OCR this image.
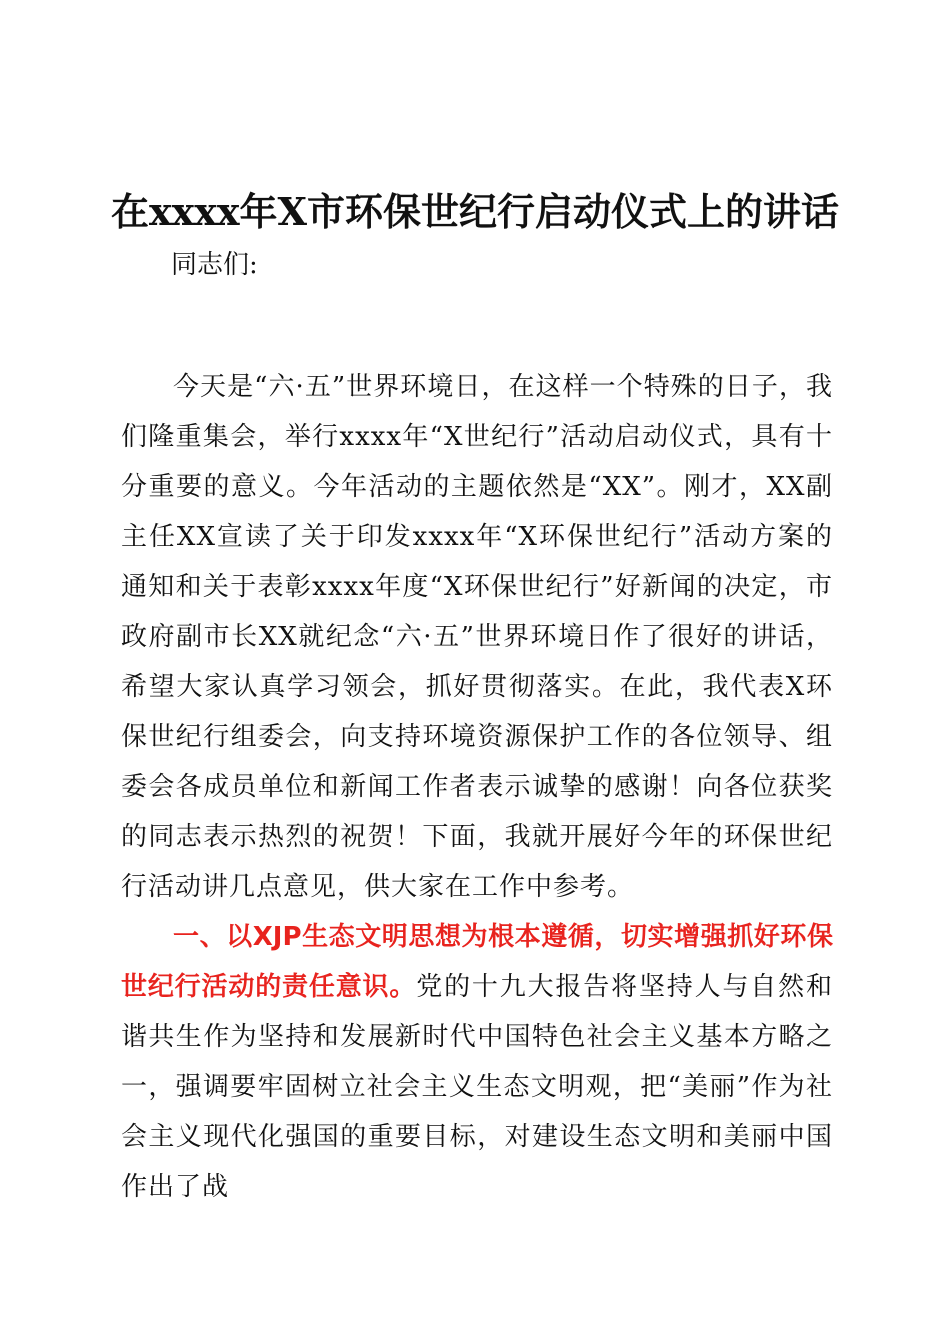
在xxxx年X市环保世纪行启动仪式上的讲话
同志们:
今天是“六·五”世界环境日，在这样一个特殊的日子，我们隆重集会，举行xxxx年“X世纪行”活动启动仪式，具有十分重要的意义。今年活动的主题依然是“XX”。刚才，XX副主任XX宣读了关于印发xxxx年“X环保世纪行”活动方案的通知和关于表彰xxxx年度“X环保世纪行”好新闻的决定，市政府副市长XX就纪念“六·五”世界环境日作了很好的讲话，希望大家认真学习领会，抓好贯彻落实。在此，我代表X环保世纪行组委会，向支持环境资源保护工作的各位领导、组委会各成员单位和新闻工作者表示诚挚的感谢！向各位获奖的同志表示热烈的祝贺！下面，我就开展好今年的环保世纪行活动讲几点意见，供大家在工作中参考。
一、以XJP生态文明思想为根本遵循，切实增强抓好环保世纪行活动的责任意识。党的十九大报告将坚持人与自然和谐共生作为坚持和发展新时代中国特色社会主义基本方略之一，强调要牢固树立社会主义生态文明观，把“美丽”作为社会主义现代化强国的重要目标，对建设生态文明和美丽中国作出了战
